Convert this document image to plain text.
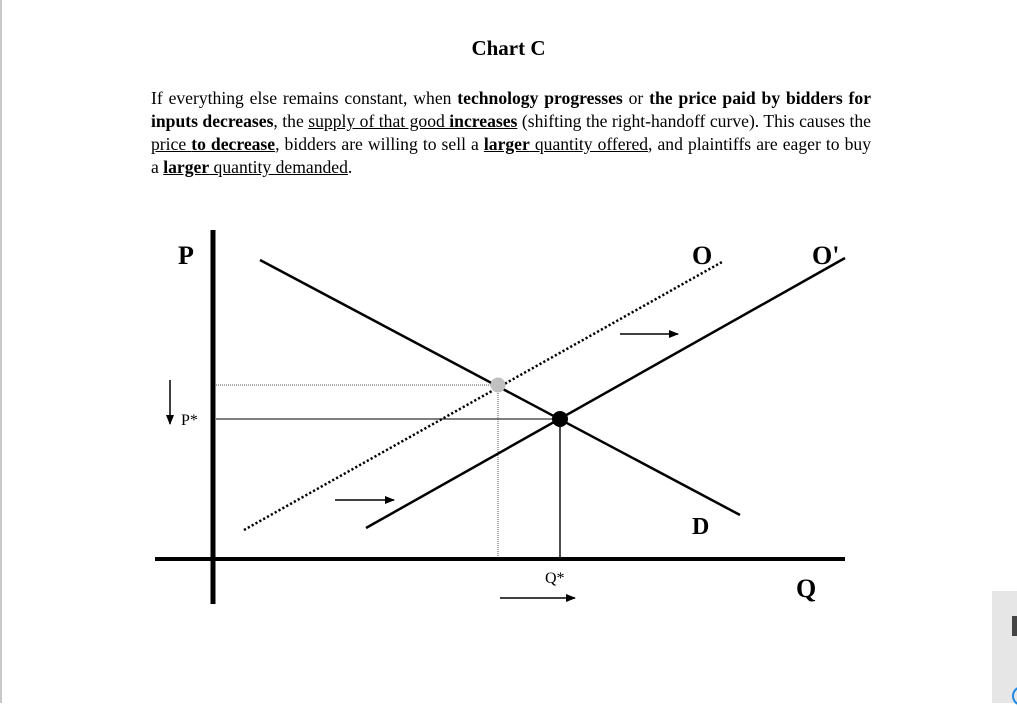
Chart C
If everything else remains constant, when technology progresses or the price paid by bidders for inputs decreases, the supply of that good increases (shifting the right-handoff curve). This causes the price to decrease, bidders are willing to sell a larger quantity offered, and plaintiffs are eager to buy a larger quantity demanded.
P
Q
O	O'
D
P*
Q*
